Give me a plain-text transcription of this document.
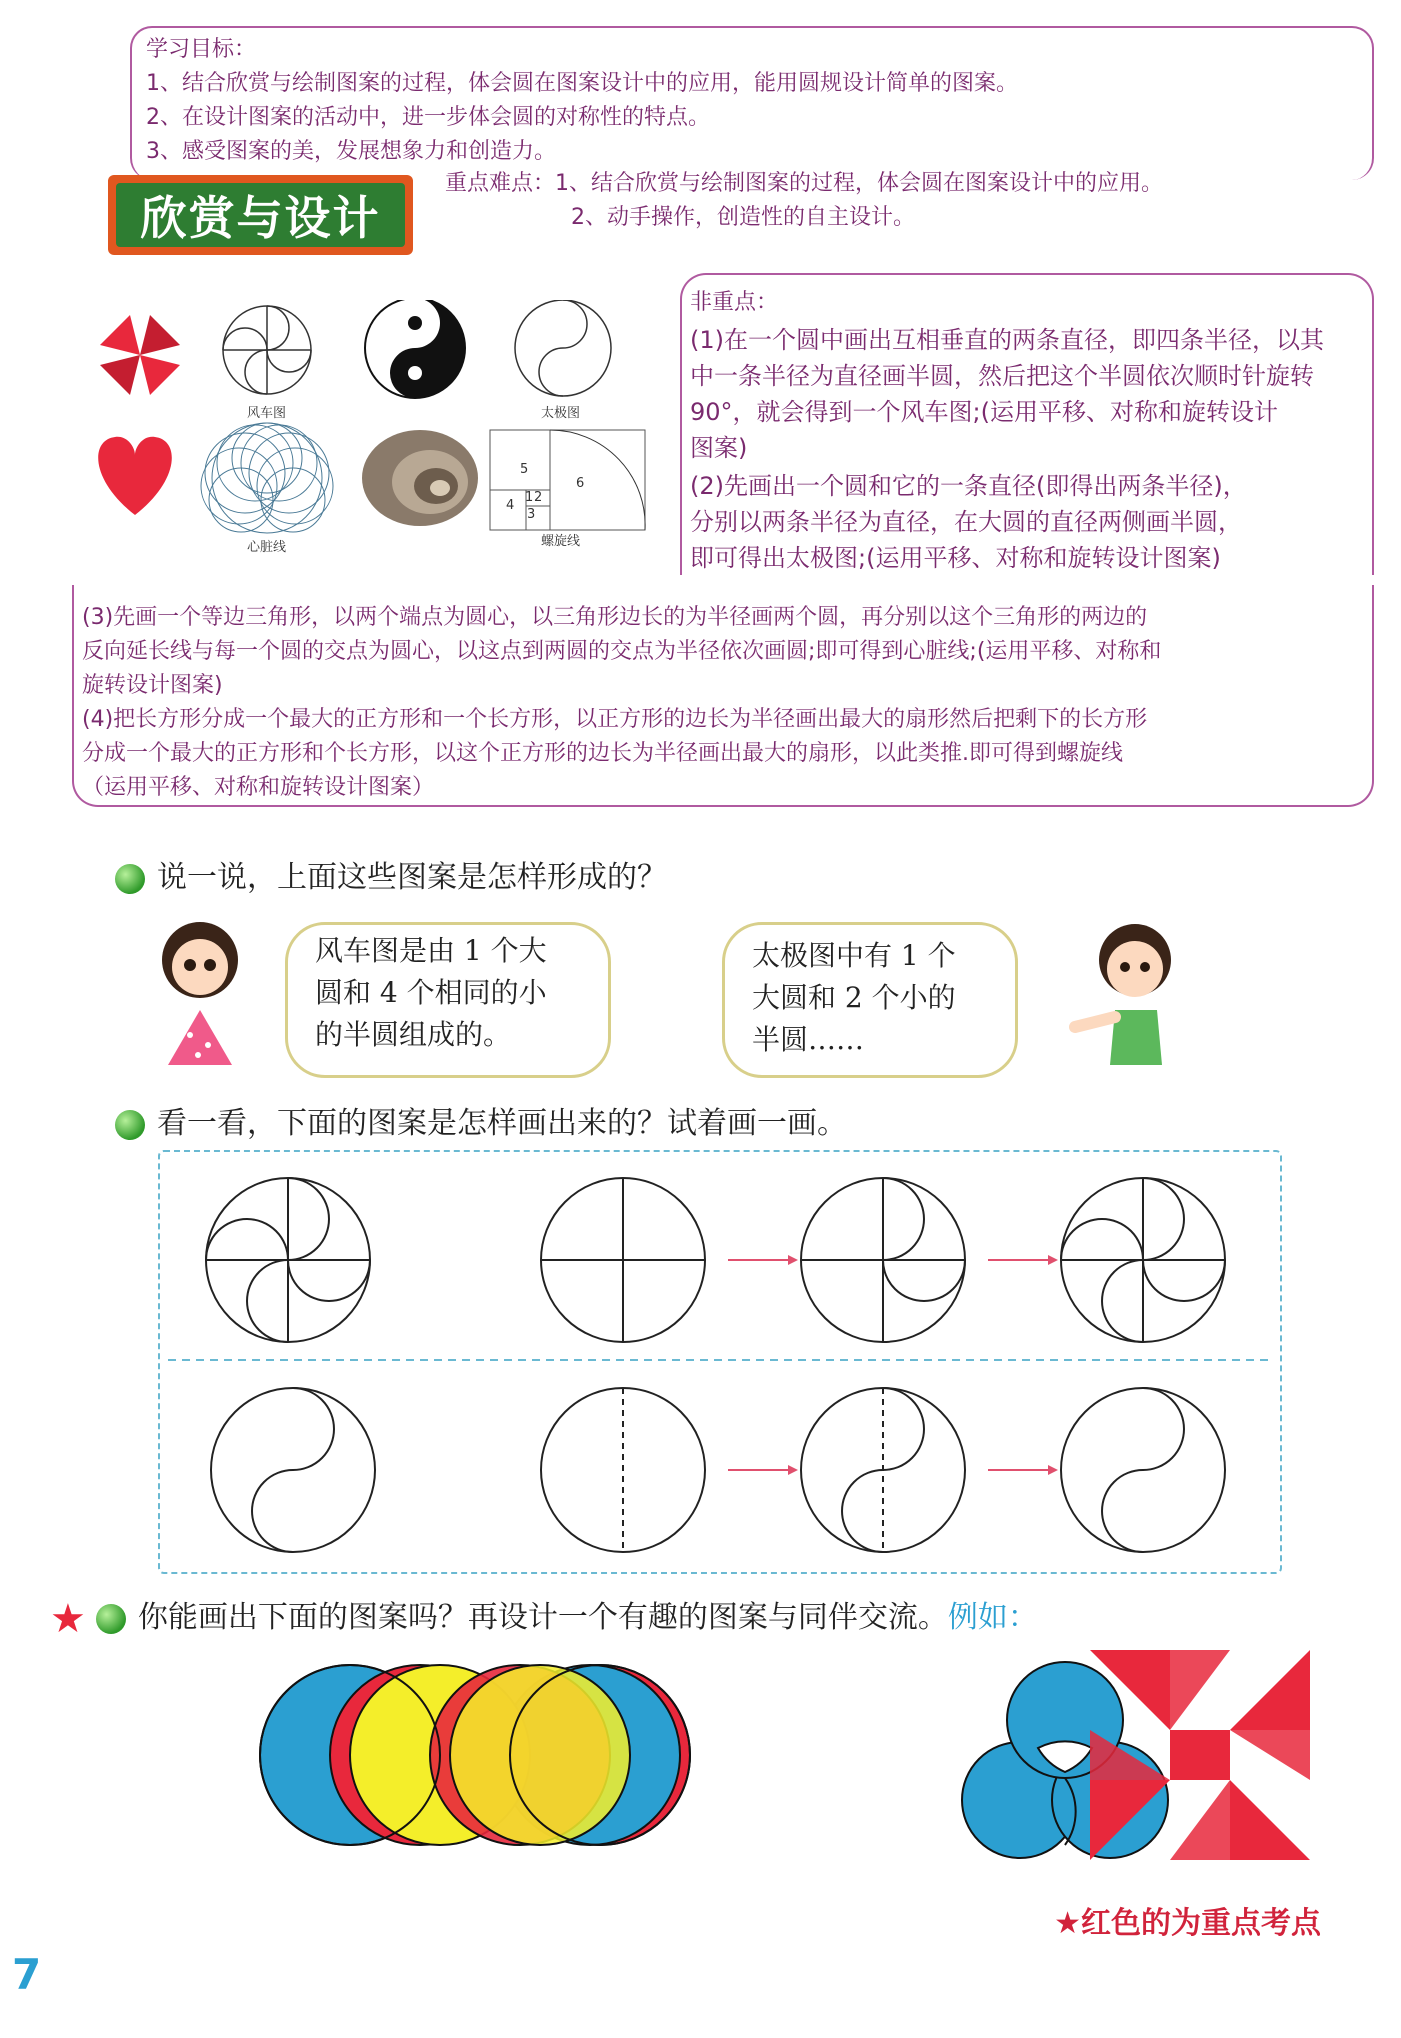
学习目标：
1、结合欣赏与绘制图案的过程，体会圆在图案设计中的应用，能用圆规设计简单的图案。
2、在设计图案的活动中，进一步体会圆的对称性的特点。
3、感受图案的美，发展想象力和创造力。
欣赏与设计
重点难点：1、结合欣赏与绘制图案的过程，体会圆在图案设计中的应用。
2、动手操作，创造性的自主设计。
风车图	太极图
心脏线	螺旋线
5
6
4
1 2
3
非重点：
(1)在一个圆中画出互相垂直的两条直径，即四条半径，以其
中一条半径为直径画半圆，然后把这个半圆依次顺时针旋转
90°，就会得到一个风车图;(运用平移、对称和旋转设计
图案)
(2)先画出一个圆和它的一条直径(即得出两条半径)，
分别以两条半径为直径，在大圆的直径两侧画半圆，
即可得出太极图;(运用平移、对称和旋转设计图案)
(3)先画一个等边三角形，以两个端点为圆心，以三角形边长的为半径画两个圆，再分别以这个三角形的两边的
反向延长线与每一个圆的交点为圆心，以这点到两圆的交点为半径依次画圆;即可得到心脏线;(运用平移、对称和
旋转设计图案)
(4)把长方形分成一个最大的正方形和一个长方形，以正方形的边长为半径画出最大的扇形然后把剩下的长方形
分成一个最大的正方形和个长方形，以这个正方形的边长为半径画出最大的扇形，以此类推.即可得到螺旋线
（运用平移、对称和旋转设计图案）
说一说，上面这些图案是怎样形成的？
风车图是由 1 个大
圆和 4 个相同的小
的半圆组成的。
太极图中有 1 个
大圆和 2 个小的
半圆……
看一看，下面的图案是怎样画出来的？试着画一画。
★ 你能画出下面的图案吗？再设计一个有趣的图案与同伴交流。例如：
★红色的为重点考点
7
